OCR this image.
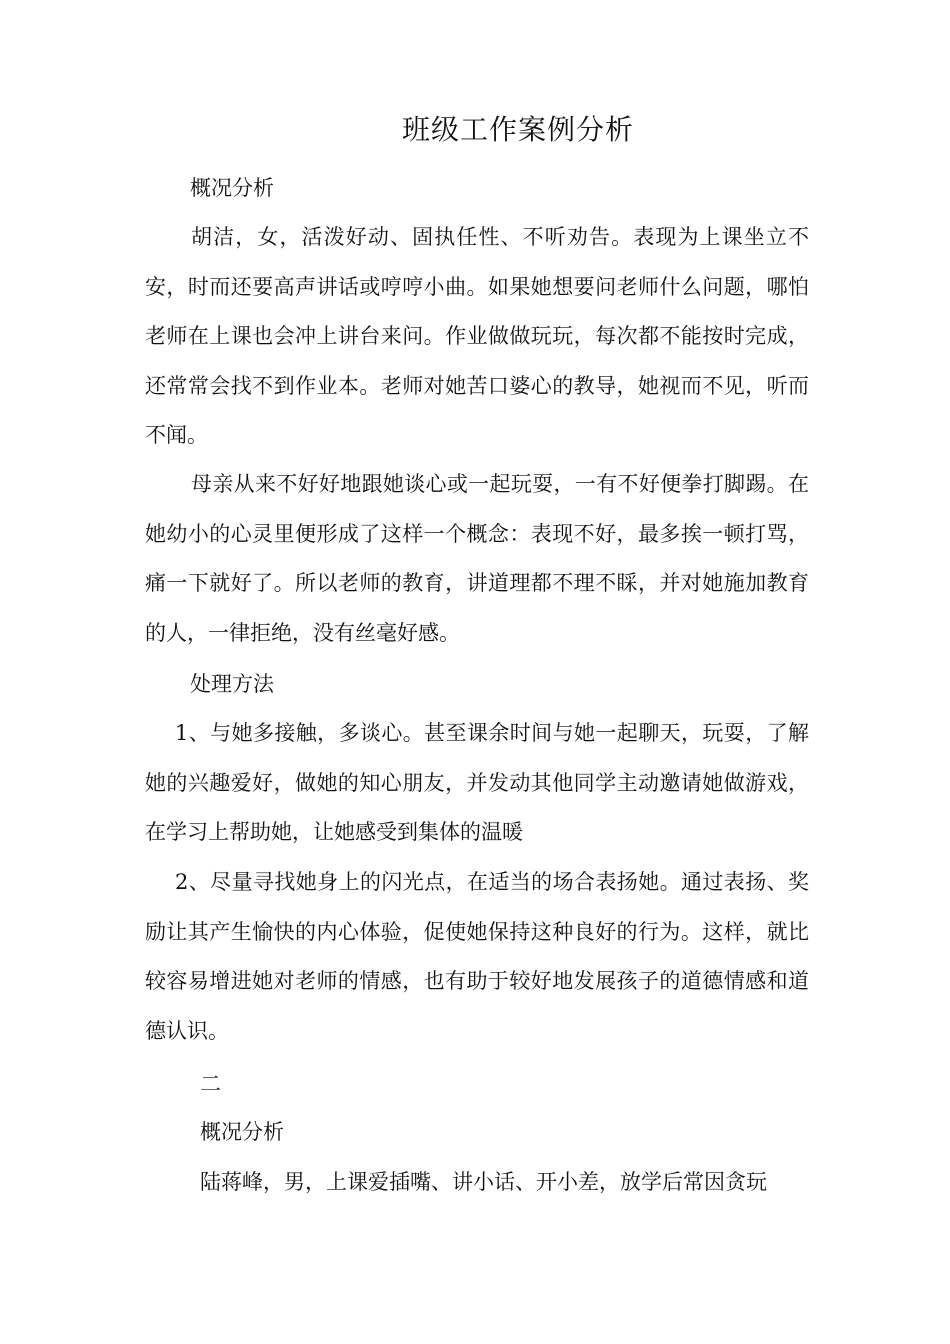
班级工作案例分析
概况分析

胡洁，女，活泼好动、固执任性、不听劝告。表现为上课坐立不安，时而还要高声讲话或哼哼小曲。如果她想要问老师什么问题，哪怕老师在上课也会冲上讲台来问。作业做做玩玩，每次都不能按时完成，还常常会找不到作业本。老师对她苦口婆心的教导，她视而不见，听而不闻。

母亲从来不好好地跟她谈心或一起玩耍，一有不好便拳打脚踢。在她幼小的心灵里便形成了这样一个概念：表现不好，最多挨一顿打骂，痛一下就好了。所以老师的教育，讲道理都不理不睬，并对她施加教育的人，一律拒绝，没有丝毫好感。

处理方法

1、与她多接触，多谈心。甚至课余时间与她一起聊天，玩耍，了解她的兴趣爱好，做她的知心朋友，并发动其他同学主动邀请她做游戏，在学习上帮助她，让她感受到集体的温暖

2、尽量寻找她身上的闪光点，在适当的场合表扬她。通过表扬、奖励让其产生愉快的内心体验，促使她保持这种良好的行为。这样，就比较容易增进她对老师的情感，也有助于较好地发展孩子的道德情感和道德认识。

二
概况分析

陆蒋峰，男，上课爱插嘴、讲小话、开小差，放学后常因贪玩
